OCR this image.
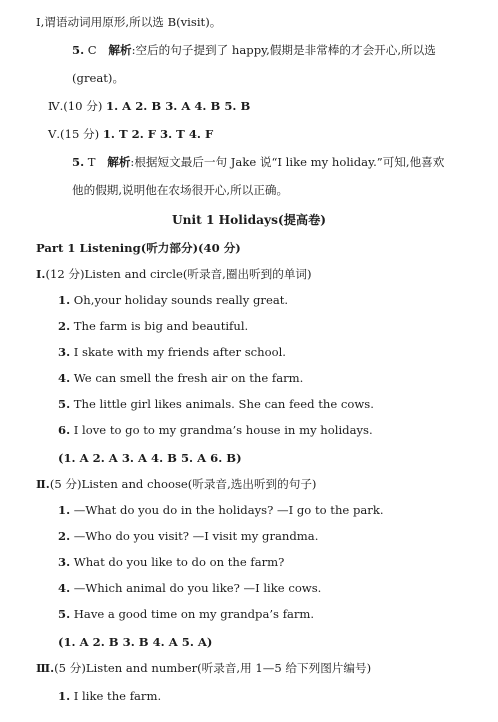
I,谓语动词用原形,所以选 B(visit)。
5. C 解析:空后的句子提到了 happy,假期是非常棒的才会开心,所以选
(great)。
Ⅳ.(10 分) 1. A 2. B 3. A 4. B 5. B
Ⅴ.(15 分) 1. T 2. F 3. T 4. F
5. T 解析:根据短文最后一句 Jake 说“I like my holiday.”可知,他喜欢
他的假期,说明他在农场很开心,所以正确。
Unit 1 Holidays(提高卷)
Part 1 Listening(听力部分)(40 分)
Ⅰ.(12 分)Listen and circle(听录音,圈出听到的单词)
1. Oh,your holiday sounds really great.
2. The farm is big and beautiful.
3. I skate with my friends after school.
4. We can smell the fresh air on the farm.
5. The little girl likes animals. She can feed the cows.
6. I love to go to my grandma’s house in my holidays.
(1. A 2. A 3. A 4. B 5. A 6. B)
Ⅱ.(5 分)Listen and choose(听录音,选出听到的句子)
1. —What do you do in the holidays? —I go to the park.
2. —Who do you visit? —I visit my grandma.
3. What do you like to do on the farm?
4. —Which animal do you like? —I like cows.
5. Have a good time on my grandpa’s farm.
(1. A 2. B 3. B 4. A 5. A)
Ⅲ.(5 分)Listen and number(听录音,用 1—5 给下列图片编号)
1. I like the farm.
